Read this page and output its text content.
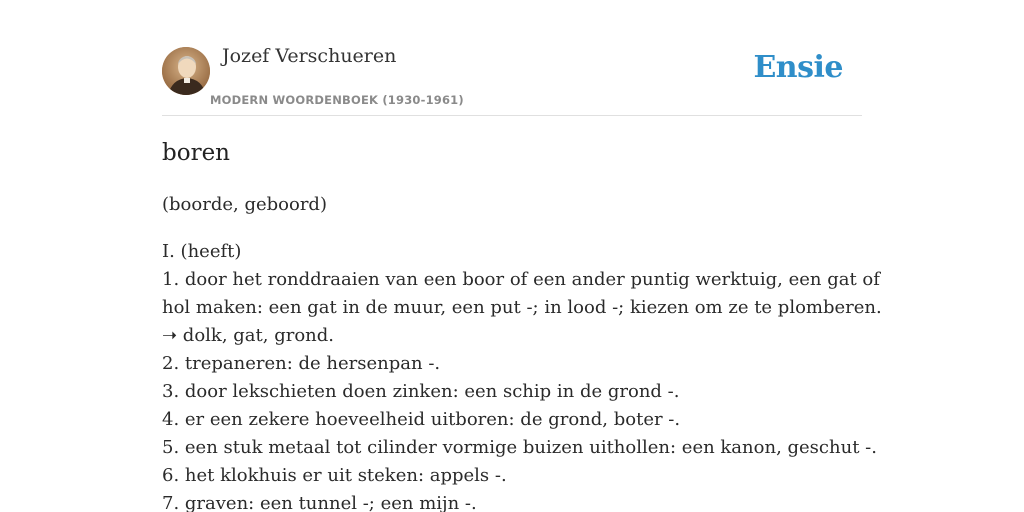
Jozef Verschueren
MODERN WOORDENBOEK (1930-1961)
Ensie
boren
(boorde, geboord)
I. (heeft)
1. door het ronddraaien van een boor of een ander puntig werktuig, een gat of
hol maken: een gat in de muur, een put -; in lood -; kiezen om ze te plomberen.
➝ dolk, gat, grond.
2. trepaneren: de hersenpan -.
3. door lekschieten doen zinken: een schip in de grond -.
4. er een zekere hoeveelheid uitboren: de grond, boter -.
5. een stuk metaal tot cilinder vormige buizen uithollen: een kanon, geschut -.
6. het klokhuis er uit steken: appels -.
7. graven: een tunnel -; een mijn -.
